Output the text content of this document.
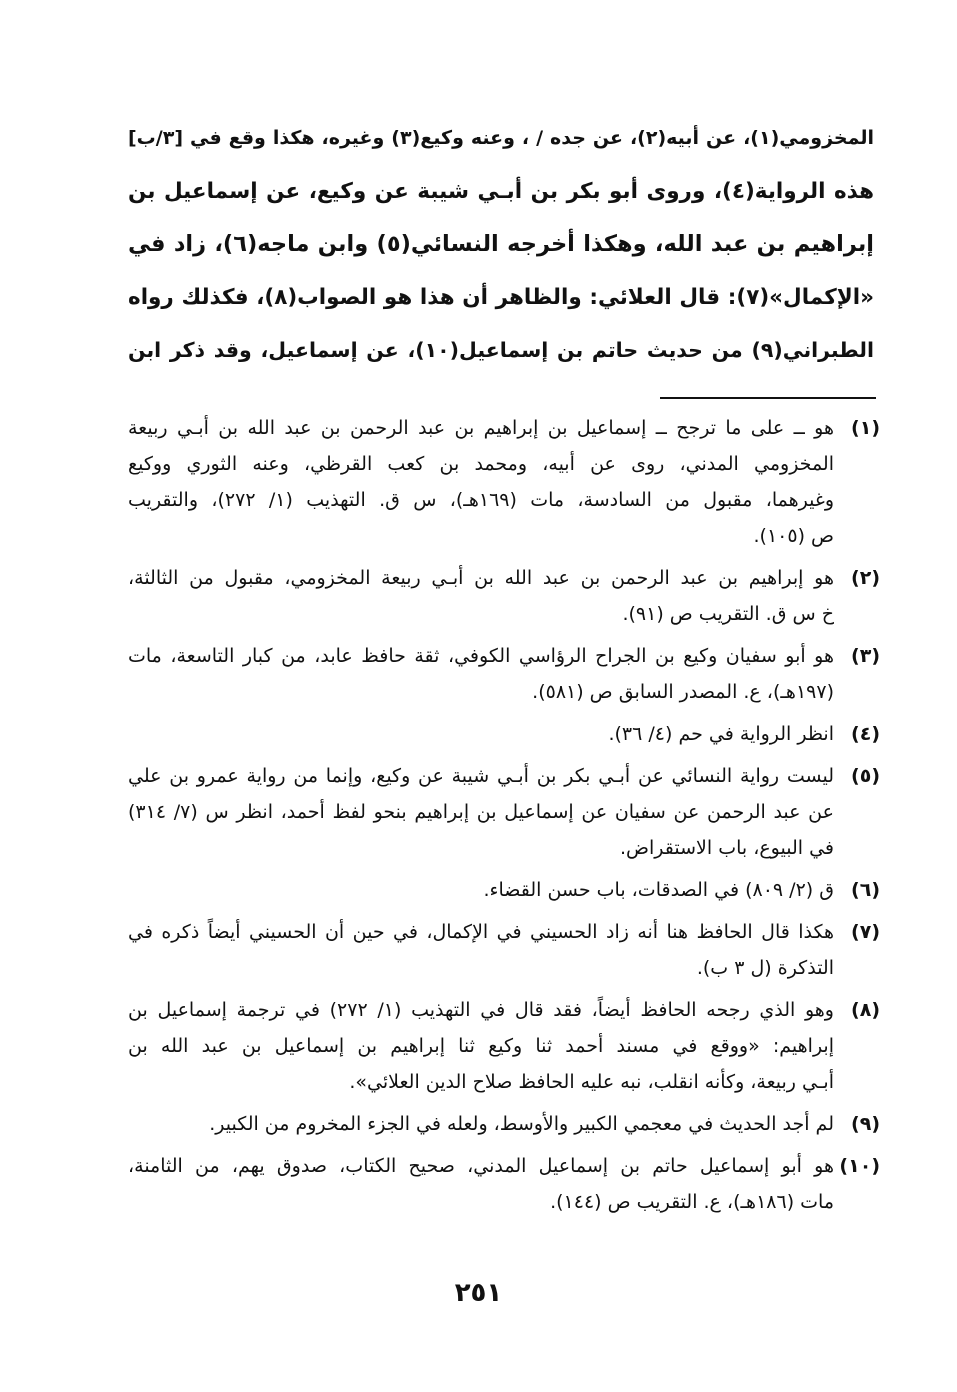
المخزومي(١)، عن أبيه(٢)، عن جده / ، وعنه وكيع(٣) وغيره، هكذا وقع في [٣/ب]
هذه الرواية(٤)، وروى أبو بكر بن أبـي شيبة عن وكيع، عن إسماعيل بن
إبراهيم بن عبد الله، وهكذا أخرجه النسائي(٥) وابن ماجه(٦)، زاد في
«الإكمال»(٧): قال العلائي: والظاهر أن هذا هو الصواب(٨)، فكذلك رواه
الطبراني(٩) من حديث حاتم بن إسماعيل(١٠)، عن إسماعيل، وقد ذكر ابن
(١)
هو ــ على ما ترجح ــ إسماعيل بن إبراهيم بن عبد الرحمن بن عبد الله بن أبـي ربيعة
المخزومي المدني، روى عن أبيه، ومحمد بن كعب القرظي، وعنه الثوري ووكيع
وغيرهما، مقبول من السادسة، مات (١٦٩هـ)، س ق. التهذيب (١/ ٢٧٢)، والتقريب
ص (١٠٥).
(٢)
هو إبراهيم بن عبد الرحمن بن عبد الله بن أبـي ربيعة المخزومي، مقبول من الثالثة،
خ س ق. التقريب ص (٩١).
(٣)
هو أبو سفيان وكيع بن الجراح الرؤاسي الكوفي، ثقة حافظ عابد، من كبار التاسعة، مات
(١٩٧هـ)، ع. المصدر السابق ص (٥٨١).
(٤)
انظر الرواية في حم (٤/ ٣٦).
(٥)
ليست رواية النسائي عن أبـي بكر بن أبـي شيبة عن وكيع، وإنما من رواية عمرو بن علي
عن عبد الرحمن عن سفيان عن إسماعيل بن إبراهيم بنحو لفظ أحمد، انظر س (٧/ ٣١٤)
في البيوع، باب الاستقراض.
(٦)
ق (٢/ ٨٠٩) في الصدقات، باب حسن القضاء.
(٧)
هكذا قال الحافظ هنا أنه زاد الحسيني في الإكمال، في حين أن الحسيني أيضاً ذكره في
التذكرة (ل ٣ ب).
(٨)
وهو الذي رجحه الحافظ أيضاً، فقد قال في التهذيب (١/ ٢٧٢) في ترجمة إسماعيل بن
إبراهيم: «ووقع في مسند أحمد ثنا وكيع ثنا إبراهيم بن إسماعيل بن عبد الله بن
أبـي ربيعة، وكأنه انقلب، نبه عليه الحافظ صلاح الدين العلائي».
(٩)
لم أجد الحديث في معجمي الكبير والأوسط، ولعله في الجزء المخروم من الكبير.
(١٠)
هو أبو إسماعيل حاتم بن إسماعيل المدني، صحيح الكتاب، صدوق يهم، من الثامنة،
مات (١٨٦هـ)، ع. التقريب ص (١٤٤).
٢٥١
